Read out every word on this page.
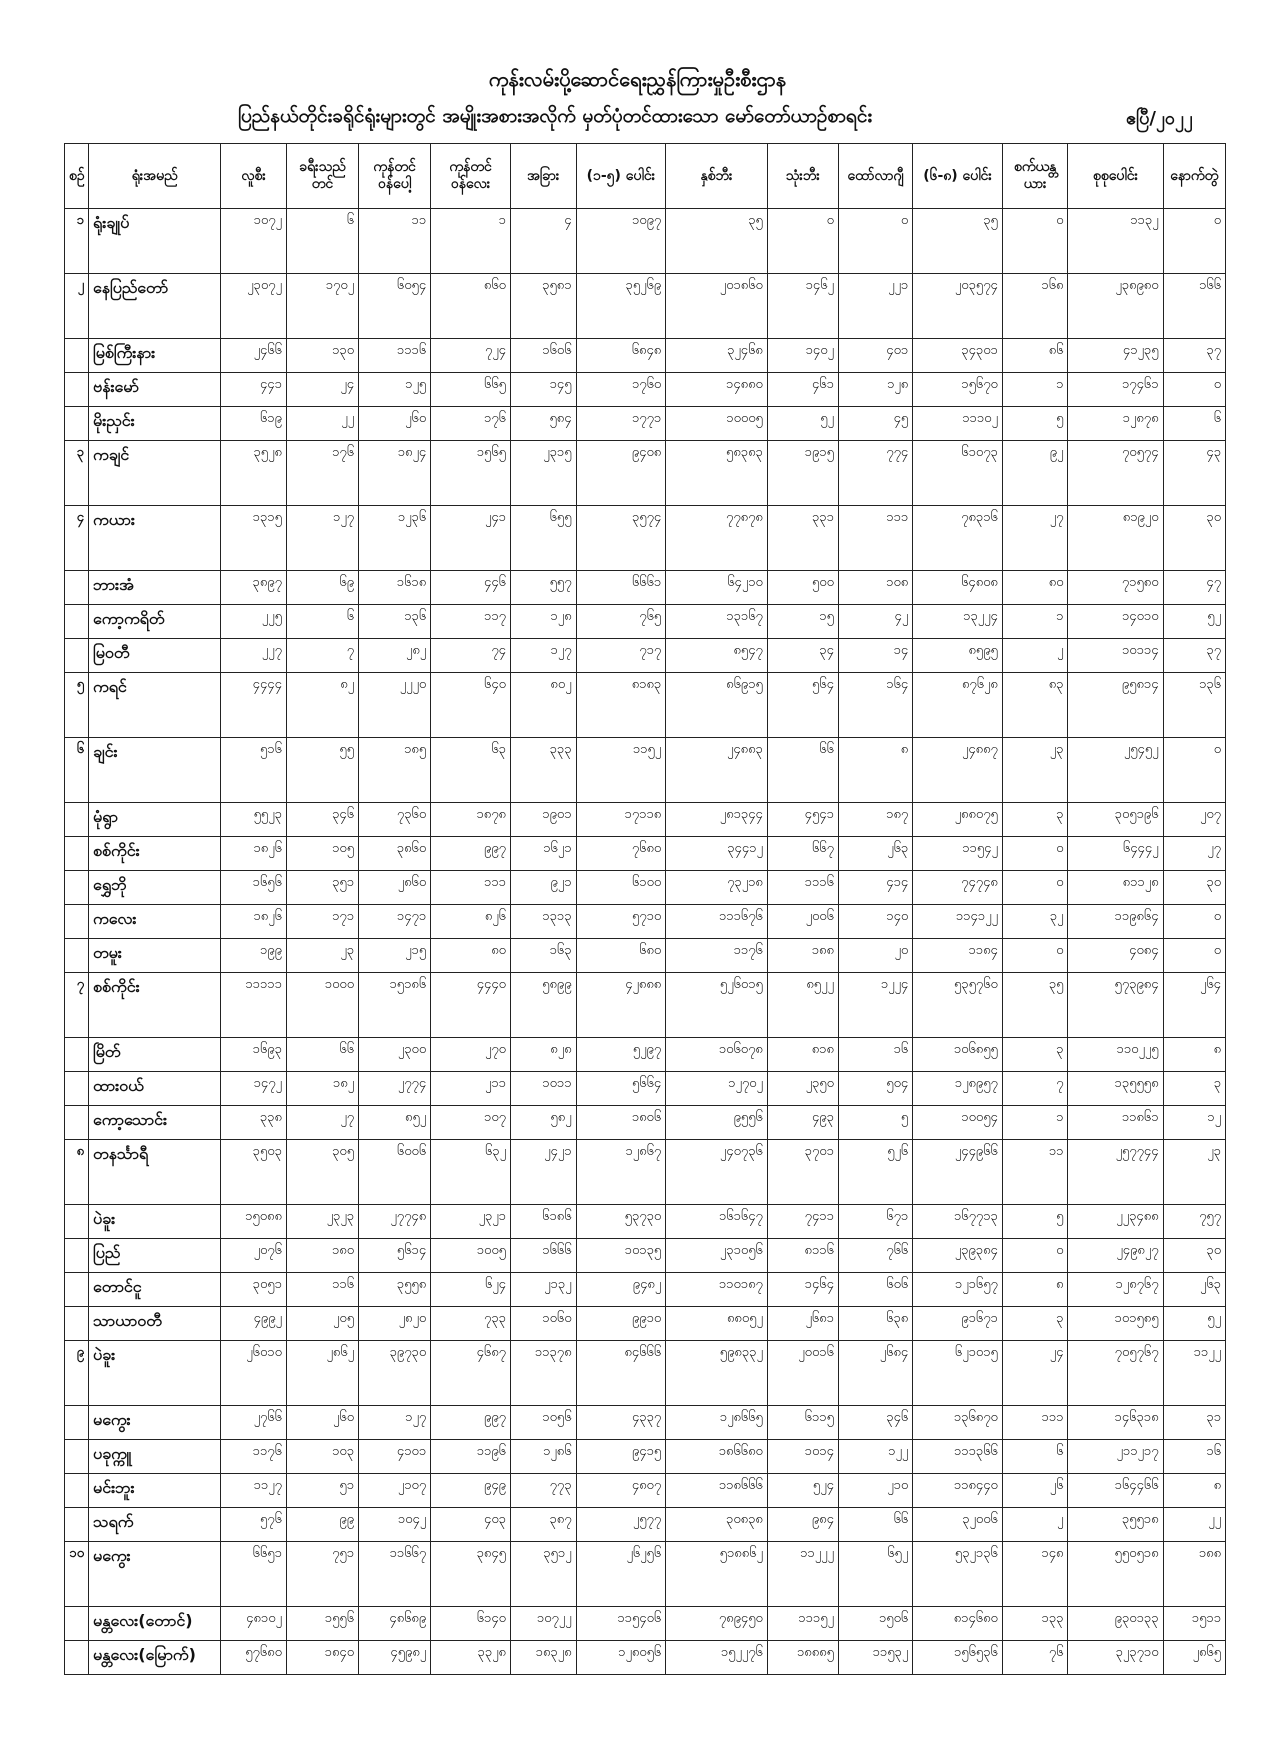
ကုန်းလမ်းပို့ဆောင်ရေးညွှန်ကြားမှုဦးစီးဌာန
ပြည်နယ်တိုင်းခရိုင်ရုံးများတွင် အမျိုးအစားအလိုက် မှတ်ပုံတင်ထားသော မော်တော်ယာဉ်စာရင်း	ဧပြီ/၂၀၂၂
စဉ်	ရုံးအမည်	လူစီး	ခရီးသည်တင်	ကုန်တင်ဝန်ပေါ့	ကုန်တင်ဝန်လေး	အခြား	(၁-၅) ပေါင်း	နှစ်ဘီး	သုံးဘီး	ထော်လာဂျီ	(၆-၈) ပေါင်း	စက်ယန္တယား	စုစုပေါင်း	နောက်တွဲ
၁	ရုံးချုပ်	၁၀၇၂	၆	၁၁	၁	၄	၁၀၉၇	၃၅	၀	၀	၃၅	၀	၁၁၃၂	၀
၂	နေပြည်တော်	၂၃၀၇၂	၁၇၀၂	၆၀၅၄	၈၆၀	၃၅၈၁	၃၅၂၆၉	၂၀၁၈၆၀	၁၄၆၂	၂၂၁	၂၀၃၅၇၄	၁၆၈	၂၃၈၉၈၀	၁၆၆
	မြစ်ကြီးနား	၂၄၆၆	၁၃၀	၁၁၁၆	၇၂၄	၁၆၀၆	၆၈၄၈	၃၂၄၆၈	၁၄၀၂	၄၀၁	၃၄၃၀၁	၈၆	၄၁၂၃၅	၃၇
	ဗန်းမော်	၄၄၁	၂၄	၁၂၅	၆၆၅	၁၄၅	၁၇၆၀	၁၄၈၈၀	၄၆၁	၁၂၈	၁၅၆၇၀	၁	၁၇၄၆၁	၀
	မိုးညှင်း	၆၁၉	၂၂	၂၆၀	၁၇၆	၅၈၄	၁၇၇၁	၁၀၀၀၅	၅၂	၄၅	၁၁၁၀၂	၅	၁၂၈၇၈	၆
၃	ကချင်	၃၅၂၈	၁၇၆	၁၈၂၄	၁၅၆၅	၂၃၁၅	၉၄၀၈	၅၈၃၈၃	၁၉၁၅	၇၇၄	၆၁၀၇၃	၉၂	၇၀၅၇၄	၄၃
၄	ကယား	၁၃၁၅	၁၂၇	၁၂၃၆	၂၄၁	၆၅၅	၃၅၇၄	၇၇၈၇၈	၃၃၁	၁၁၁	၇၈၃၁၆	၂၇	၈၁၉၂၀	၃၀
	ဘားအံ	၃၈၉၇	၆၉	၁၆၁၈	၄၄၆	၅၅၇	၆၆၆၁	၆၄၂၁၀	၅၀၀	၁၀၈	၆၄၈၀၈	၈၀	၇၁၅၈၀	၄၇
	ကော့ကရိတ်	၂၂၅	၆	၁၃၆	၁၁၇	၁၂၈	၇၆၅	၁၃၁၆၇	၁၅	၄၂	၁၃၂၂၄	၁	၁၄၀၁၀	၅၂
	မြဝတီ	၂၂၇	၇	၂၈၂	၇၄	၁၂၇	၇၁၇	၈၅၄၇	၃၄	၁၄	၈၅၉၅	၂	၁၀၁၁၄	၃၇
၅	ကရင်	၄၄၄၄	၈၂	၂၂၂၀	၆၄၀	၈၀၂	၈၁၈၃	၈၆၉၁၅	၅၆၄	၁၆၄	၈၇၆၂၈	၈၃	၉၅၈၁၄	၁၃၆
၆	ချင်း	၅၁၆	၅၅	၁၈၅	၆၃	၃၃၃	၁၁၅၂	၂၄၈၈၃	၆၆	၈	၂၄၈၈၇	၂၃	၂၅၄၅၂	၀
	မုံရွာ	၅၅၂၃	၃၄၆	၇၃၆၀	၁၈၇၈	၁၉၀၁	၁၇၁၁၈	၂၈၁၃၄၄	၄၅၄၁	၁၈၇	၂၈၈၀၇၅	၃	၃၀၅၁၉၆	၂၀၇
	စစ်ကိုင်း	၁၈၂၆	၁၀၅	၃၈၆၀	၉၉၇	၁၆၂၁	၇၆၈၀	၃၄၄၁၂	၆၆၇	၂၆၃	၁၁၅၄၂	၀	၆၄၄၄၂	၂၇
	ရွှေဘို	၁၆၅၆	၃၅၁	၂၈၆၀	၁၁၁	၉၂၁	၆၁၀၀	၇၃၂၁၈	၁၁၁၆	၄၁၄	၇၄၇၄၈	၀	၈၁၁၂၈	၃၀
	ကလေး	၁၈၂၆	၁၇၁	၁၄၇၁	၈၂၆	၁၃၁၃	၅၇၁၀	၁၁၁၆၇၆	၂၀၀၆	၁၄၀	၁၁၄၁၂၂	၃၂	၁၁၉၈၆၄	၀
	တမူး	၁၉၉	၂၃	၂၁၅	၈၀	၁၆၃	၆၈၀	၁၁၇၆	၁၈၈	၂၀	၁၁၈၄	၀	၄၀၈၄	၀
၇	စစ်ကိုင်း	၁၁၁၁၁	၁၀၀၀	၁၅၁၈၆	၄၄၄၀	၅၈၉၉	၄၂၈၈၈	၅၂၆၀၁၅	၈၅၂၂	၁၂၂၄	၅၃၅၇၆၀	၃၅	၅၇၃၉၈၄	၂၆၄
	မြိတ်	၁၆၉၃	၆၆	၂၃၀၀	၂၇၀	၈၂၈	၅၂၉၇	၁၀၆၀၇၈	၈၁၈	၁၆	၁၀၆၈၅၅	၃	၁၁၀၂၂၅	၈
	ထားဝယ်	၁၄၇၂	၁၈၂	၂၇၇၄	၂၁၁	၁၀၁၁	၅၆၆၄	၁၂၇၀၂	၂၃၅၀	၅၀၄	၁၂၈၉၅၇	၇	၁၃၅၅၅၈	၃
	ကော့သောင်း	၃၃၈	၂၇	၈၅၂	၁၀၇	၅၈၂	၁၈၀၆	၉၅၅၆	၄၉၃	၅	၁၀၀၅၄	၁	၁၁၈၆၁	၁၂
၈	တနင်္သာရီ	၃၅၀၃	၃၀၅	၆၀၀၆	၆၃၂	၂၄၂၁	၁၂၈၆၇	၂၄၀၇၃၆	၃၇၀၁	၅၂၆	၂၄၄၉၆၆	၁၁	၂၅၇၇၄၄	၂၃
	ပဲခူး	၁၅၀၈၈	၂၃၂၃	၂၇၇၄၈	၂၃၂၁	၆၁၈၆	၅၃၇၃၀	၁၆၁၆၄၇	၇၄၁၁	၆၇၁	၁၆၇၇၁၃	၅	၂၂၃၄၈၈	၇၅၇
	ပြည်	၂၀၇၆	၁၈၀	၅၆၁၄	၁၀၀၅	၁၆၆၆	၁၀၁၃၅	၂၃၁၀၅၆	၈၁၁၆	၇၆၆	၂၃၉၃၈၄	၀	၂၄၉၈၂၇	၃၀
	တောင်ငူ	၃၀၅၁	၁၁၆	၃၅၅၈	၆၂၄	၂၁၃၂	၉၄၈၂	၁၁၀၁၈၇	၁၄၆၄	၆၀၆	၁၂၁၆၅၇	၈	၁၂၈၇၆၇	၂၆၃
	သာယာဝတီ	၄၉၉၂	၂၀၅	၂၈၂၀	၇၃၃	၁၀၆၀	၉၉၁၀	၈၈၀၅၂	၂၆၈၁	၆၃၈	၉၁၆၇၁	၃	၁၀၁၅၈၅	၅၂
၉	ပဲခူး	၂၆၀၁၀	၂၈၆၂	၃၉၇၃၀	၄၆၈၇	၁၁၃၇၈	၈၄၆၆၆	၅၉၈၃၃၂	၂၀၀၁၆	၂၆၈၄	၆၂၁၀၁၅	၂၄	၇၀၅၇၆၇	၁၁၂၂
	မကွေး	၂၇၆၆	၂၆၀	၁၂၇	၉၉၇	၁၀၅၆	၄၃၃၇	၁၂၈၆၆၅	၆၁၁၅	၃၄၆	၁၃၆၈၇၀	၁၁၁	၁၄၆၃၁၈	၃၁
	ပခုက္ကူ	၁၁၇၆	၁၀၃	၄၁၀၁	၁၁၉၆	၁၂၈၆	၉၄၁၅	၁၈၆၆၈၀	၁၀၁၄	၁၂၂	၁၁၁၃၆၆	၆	၂၁၁၂၁၇	၁၆
	မင်းဘူး	၁၁၂၇	၅၁	၂၁၀၇	၉၄၉	၇၇၃	၄၈၀၇	၁၁၈၆၆၆	၅၂၄	၂၁၀	၁၁၈၄၄၀	၂၆	၁၆၄၄၆၆	၈
	သရက်	၅၇၆	၉၉	၁၀၄၂	၄၀၃	၃၈၇	၂၅၇၇	၃၀၈၃၈	၉၈၄	၆၆	၃၂၀၀၆	၂	၃၅၅၁၈	၂၂
၁၀	မကွေး	၆၆၅၁	၇၅၁	၁၁၆၆၇	၃၈၄၅	၃၅၁၂	၂၆၂၅၆	၅၁၈၈၆၂	၁၁၂၂၂	၆၅၂	၅၃၂၁၃၆	၁၄၈	၅၅၀၅၁၈	၁၈၈
	မန္တလေး(တောင်)	၄၈၁၀၂	၁၅၅၆	၄၈၆၈၉	၆၁၄၀	၁၀၇၂၂	၁၁၅၄၀၆	၇၈၉၄၅၀	၁၁၁၅၂	၁၅၀၆	၈၁၄၆၈၀	၁၃၃	၉၃၀၁၃၃	၁၅၁၁
	မန္တလေး(မြောက်)	၅၇၆၈၀	၁၈၄၀	၄၅၉၈၂	၃၃၂၈	၁၈၃၂၈	၁၂၈၀၅၆	၁၅၂၂၇၆	၁၈၈၈၅	၁၁၅၃၂	၁၅၆၅၃၆	၇၆	၃၂၃၇၁၀	၂၈၆၅
